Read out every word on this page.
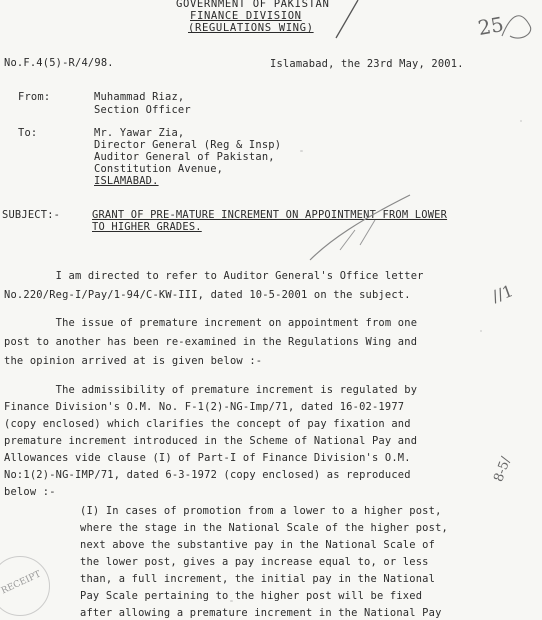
GOVERNMENT OF PAKISTAN
FINANCE DIVISION
(REGULATIONS WING)
No.F.4(5)-R/4/98.	Islamabad, the 23rd May, 2001.
From:	Muhammad Riaz,
Section Officer
To:	Mr. Yawar Zia,
Director General (Reg & Insp)
Auditor General of Pakistan,
Constitution Avenue,
ISLAMABAD.
SUBJECT:-	GRANT OF PRE-MATURE INCREMENT ON APPOINTMENT FROM LOWER
TO HIGHER GRADES.
I am directed to refer to Auditor General's Office letter
No.220/Reg-I/Pay/1-94/C-KW-III, dated 10-5-2001 on the subject.
The issue of premature increment on appointment from one
post to another has been re-examined in the Regulations Wing and
the opinion arrived at is given below :-
The admissibility of premature increment is regulated by
Finance Division's O.M. No. F-1(2)-NG-Imp/71, dated 16-02-1977
(copy enclosed) which clarifies the concept of pay fixation and
premature increment introduced in the Scheme of National Pay and
Allowances vide clause (I) of Part-I of Finance Division's O.M.
No:1(2)-NG-IMP/71, dated 6-3-1972 (copy enclosed) as reproduced
below :-
(I) In cases of promotion from a lower to a higher post,
where the stage in the National Scale of the higher post,
next above the substantive pay in the National Scale of
the lower post, gives a pay increase equal to, or less
than, a full increment, the initial pay in the National
Pay Scale pertaining to the higher post will be fixed
after allowing a premature increment in the National Pay
25
//1
8-5/
RECEIPT
